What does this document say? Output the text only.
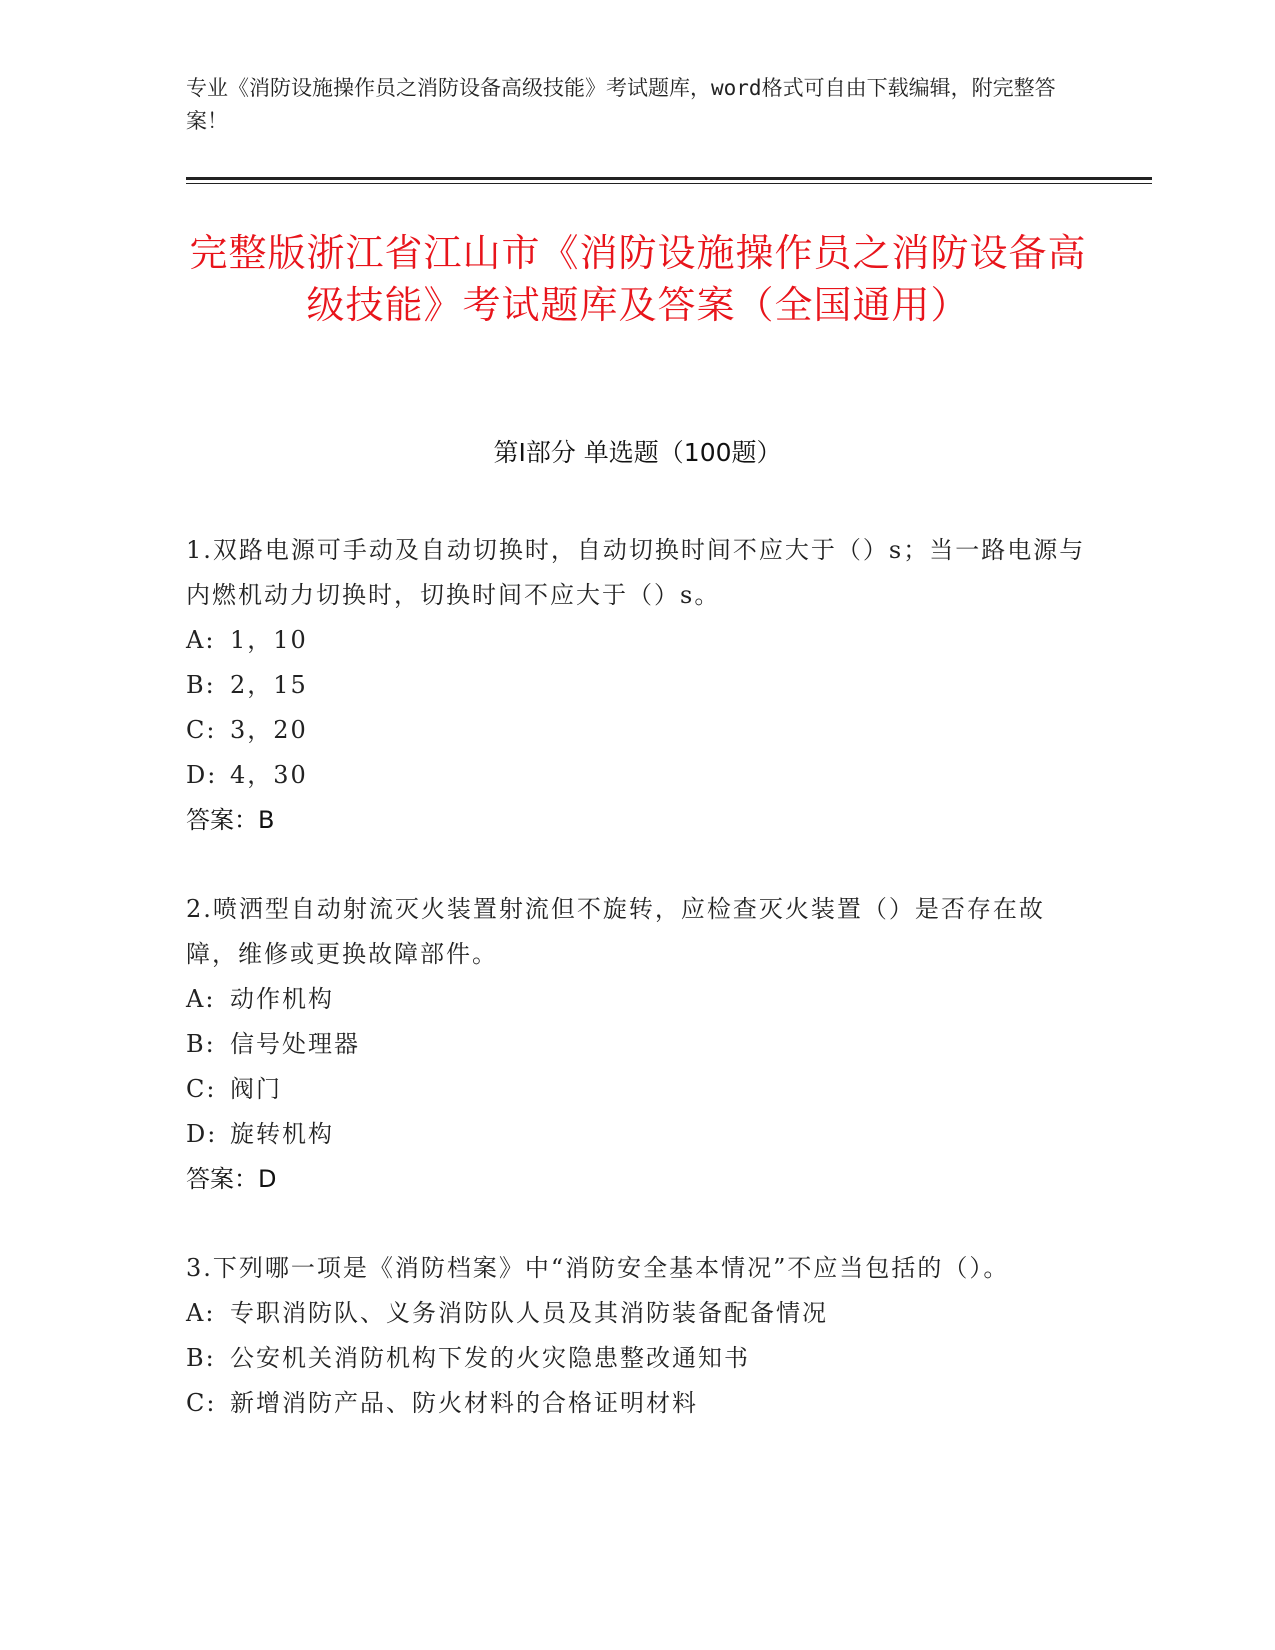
专业《消防设施操作员之消防设备高级技能》考试题库，word格式可自由下载编辑，附完整答案！
完整版浙江省江山市《消防设施操作员之消防设备高级技能》考试题库及答案（全国通用）
第I部分 单选题（100题）

1.双路电源可手动及自动切换时，自动切换时间不应大于（）s；当一路电源与内燃机动力切换时，切换时间不应大于（）s。

A: 1，10
B: 2，15
C: 3，20
D: 4，30
答案：B

2.喷洒型自动射流灭火装置射流但不旋转，应检查灭火装置（）是否存在故障，维修或更换故障部件。

A: 动作机构
B: 信号处理器
C: 阀门
D: 旋转机构
答案：D

3.下列哪一项是《消防档案》中“消防安全基本情况”不应当包括的（）。

A: 专职消防队、义务消防队人员及其消防装备配备情况
B: 公安机关消防机构下发的火灾隐患整改通知书
C: 新增消防产品、防火材料的合格证明材料
